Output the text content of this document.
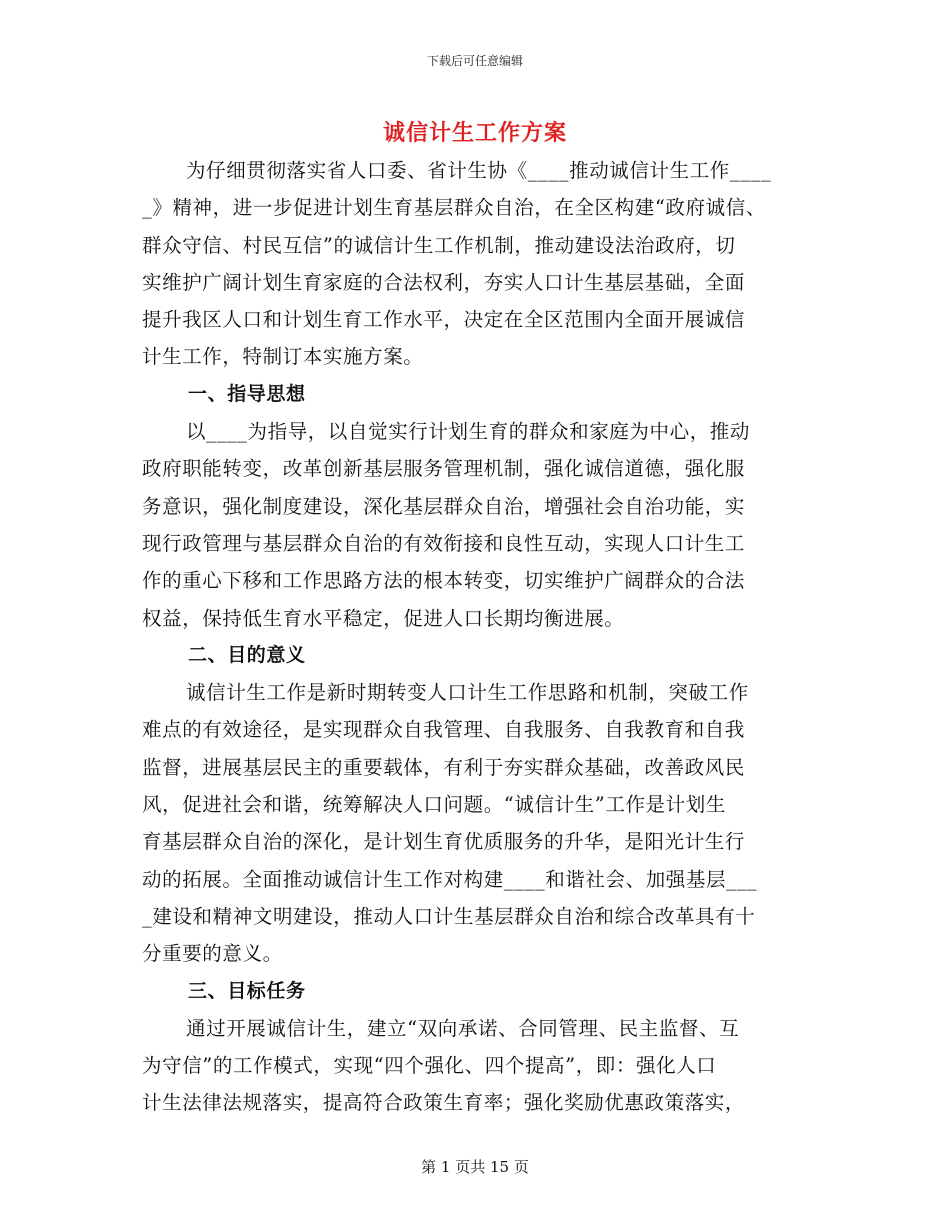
下载后可任意编辑
诚信计生工作方案
为仔细贯彻落实省人口委、省计生协《____推动诚信计生工作____
_》精神，进一步促进计划生育基层群众自治，在全区构建“政府诚信、
群众守信、村民互信”的诚信计生工作机制，推动建设法治政府，切
实维护广阔计划生育家庭的合法权利，夯实人口计生基层基础，全面
提升我区人口和计划生育工作水平，决定在全区范围内全面开展诚信
计生工作，特制订本实施方案。
一、指导思想
以____为指导，以自觉实行计划生育的群众和家庭为中心，推动
政府职能转变，改革创新基层服务管理机制，强化诚信道德，强化服
务意识，强化制度建设，深化基层群众自治，增强社会自治功能，实
现行政管理与基层群众自治的有效衔接和良性互动，实现人口计生工
作的重心下移和工作思路方法的根本转变，切实维护广阔群众的合法
权益，保持低生育水平稳定，促进人口长期均衡进展。
二、目的意义
诚信计生工作是新时期转变人口计生工作思路和机制，突破工作
难点的有效途径，是实现群众自我管理、自我服务、自我教育和自我
监督，进展基层民主的重要载体，有利于夯实群众基础，改善政风民
风，促进社会和谐，统筹解决人口问题。“诚信计生”工作是计划生
育基层群众自治的深化，是计划生育优质服务的升华，是阳光计生行
动的拓展。全面推动诚信计生工作对构建____和谐社会、加强基层___
_建设和精神文明建设，推动人口计生基层群众自治和综合改革具有十
分重要的意义。
三、目标任务
通过开展诚信计生，建立“双向承诺、合同管理、民主监督、互
为守信”的工作模式，实现“四个强化、四个提高”，即：强化人口
计生法律法规落实，提高符合政策生育率；强化奖励优惠政策落实，
第 1 页共 15 页
